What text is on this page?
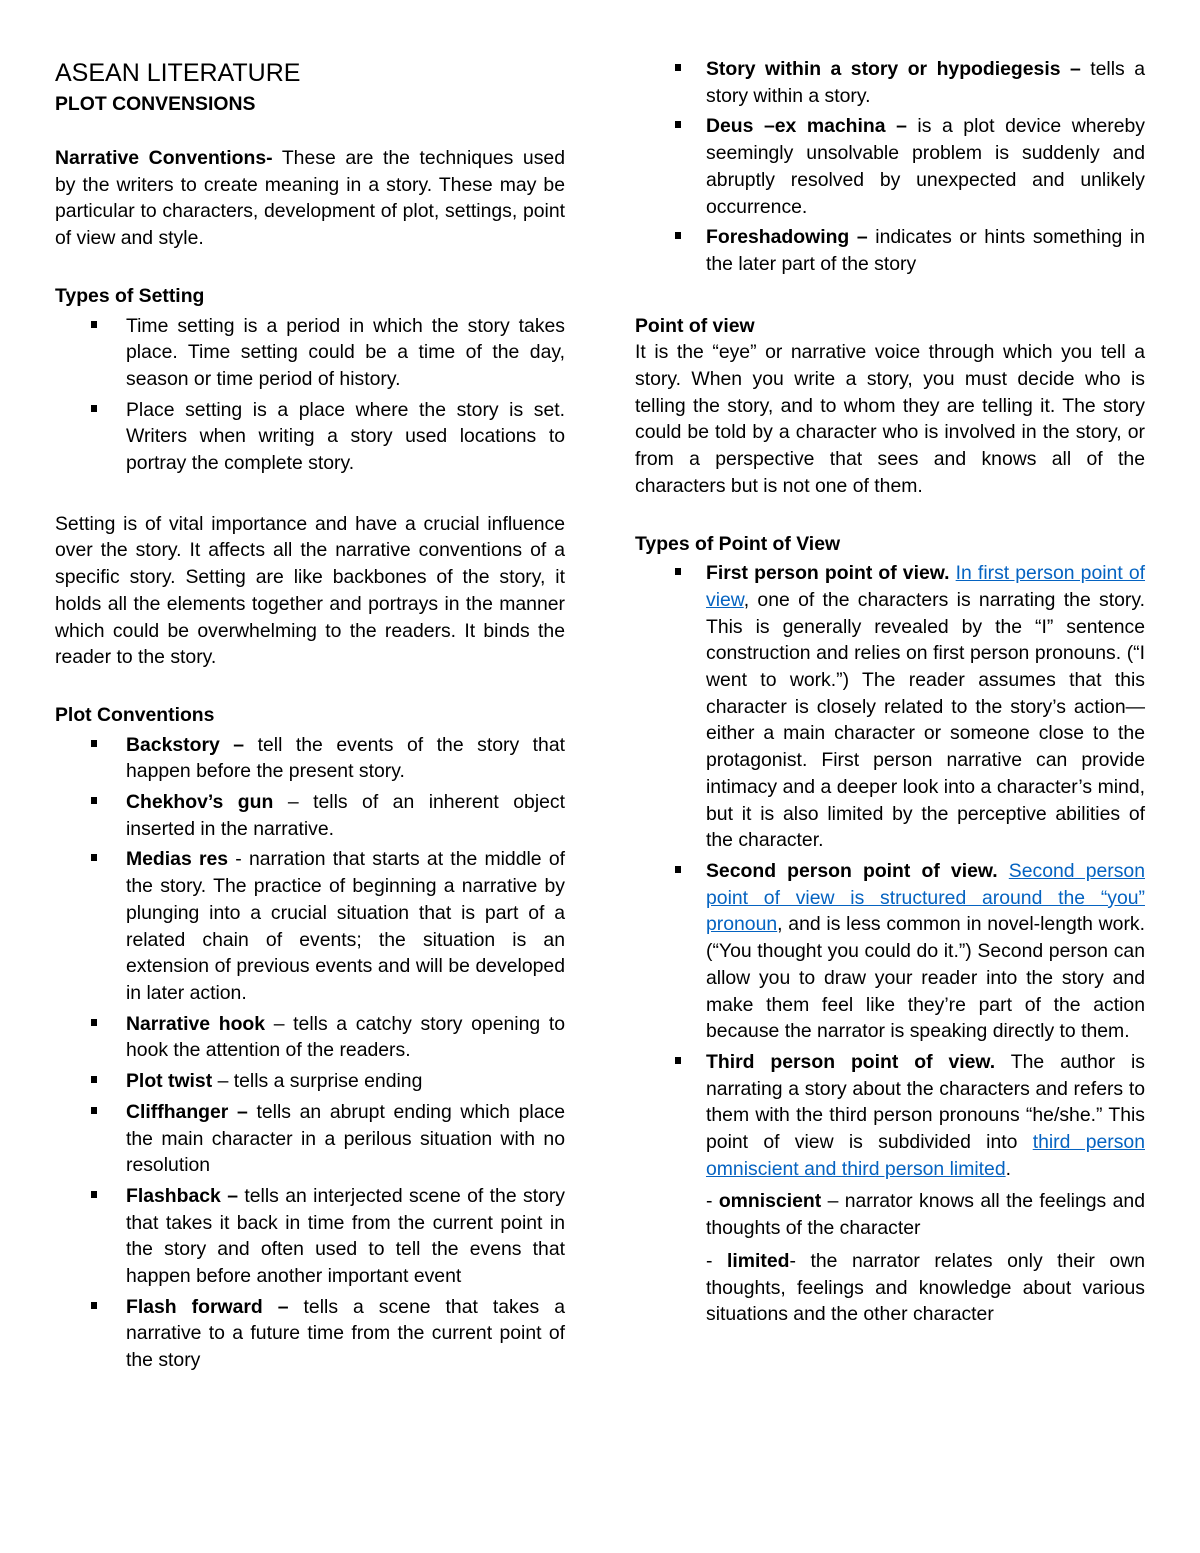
ASEAN LITERATURE

PLOT CONVENSIONS

Narrative Conventions- These are the techniques used by the writers to create meaning in a story. These may be particular to characters, development of plot, settings, point of view and style.

Types of Setting

Time setting is a period in which the story takes place. Time setting could be a time of the day, season or time period of history.
Place setting is a place where the story is set. Writers when writing a story used locations to portray the complete story.

Setting is of vital importance and have a crucial influence over the story. It affects all the narrative conventions of a specific story. Setting are like backbones of the story, it holds all the elements together and portrays in the manner which could be overwhelming to the readers. It binds the reader to the story.

Plot Conventions

Backstory – tell the events of the story that happen before the present story.
Chekhov’s gun – tells of an inherent object inserted in the narrative.
Medias res - narration that starts at the middle of the story. The practice of beginning a narrative by plunging into a crucial situation that is part of a related chain of events; the situation is an extension of previous events and will be developed in later action.
Narrative hook – tells a catchy story opening to hook the attention of the readers.
Plot twist – tells a surprise ending
Cliffhanger – tells an abrupt ending which place the main character in a perilous situation with no resolution
Flashback – tells an interjected scene of the story that takes it back in time from the current point in the story and often used to tell the evens that happen before another important event
Flash forward – tells a scene that takes a narrative to a future time from the current point of the story
Story within a story or hypodiegesis – tells a story within a story.
Deus –ex machina – is a plot device whereby seemingly unsolvable problem is suddenly and abruptly resolved by unexpected and unlikely occurrence.
Foreshadowing – indicates or hints something in the later part of the story

Point of view

It is the “eye” or narrative voice through which you tell a story. When you write a story, you must decide who is telling the story, and to whom they are telling it. The story could be told by a character who is involved in the story, or from a perspective that sees and knows all of the characters but is not one of them.

Types of Point of View

First person point of view. In first person point of view, one of the characters is narrating the story. This is generally revealed by the “I” sentence construction and relies on first person pronouns. (“I went to work.”) The reader assumes that this character is closely related to the story’s action—either a main character or someone close to the protagonist. First person narrative can provide intimacy and a deeper look into a character’s mind, but it is also limited by the perceptive abilities of the character.
Second person point of view. Second person point of view is structured around the “you” pronoun, and is less common in novel-length work. (“You thought you could do it.”) Second person can allow you to draw your reader into the story and make them feel like they’re part of the action because the narrator is speaking directly to them.
Third person point of view. The author is narrating a story about the characters and refers to them with the third person pronouns “he/she.” This point of view is subdivided into third person omniscient and third person limited.

- omniscient – narrator knows all the feelings and thoughts of the character

- limited- the narrator relates only their own thoughts, feelings and knowledge about various situations and the other character
